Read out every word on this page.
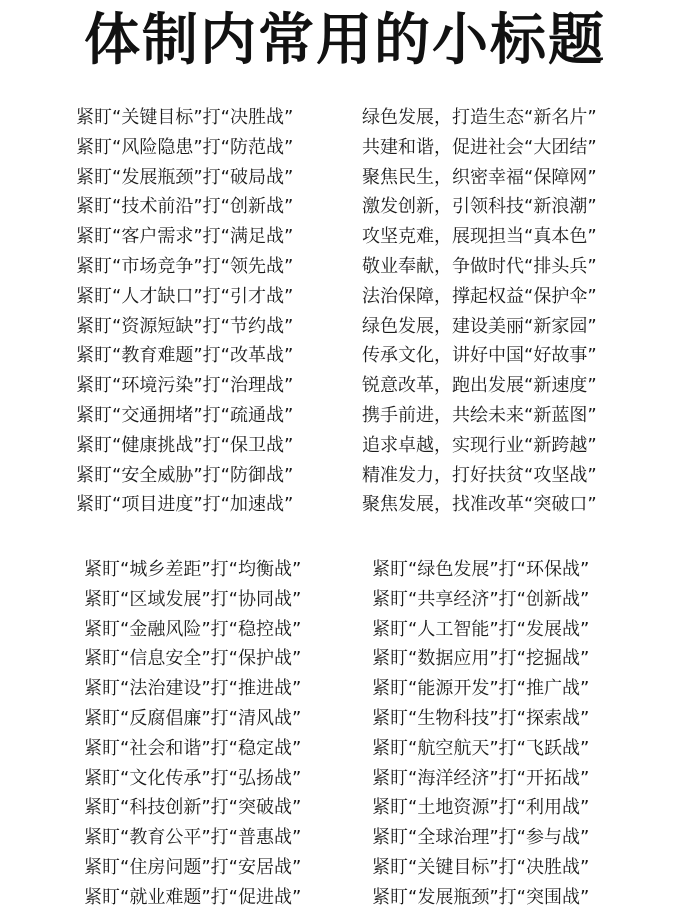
体制内常用的小标题
紧盯“关键目标”打“决胜战”
紧盯“风险隐患”打“防范战”
紧盯“发展瓶颈”打“破局战”
紧盯“技术前沿”打“创新战”
紧盯“客户需求”打“满足战”
紧盯“市场竞争”打“领先战”
紧盯“人才缺口”打“引才战”
紧盯“资源短缺”打“节约战”
紧盯“教育难题”打“改革战”
紧盯“环境污染”打“治理战”
紧盯“交通拥堵”打“疏通战”
紧盯“健康挑战”打“保卫战”
紧盯“安全威胁”打“防御战”
紧盯“项目进度”打“加速战”
绿色发展，打造生态“新名片”
共建和谐，促进社会“大团结”
聚焦民生，织密幸福“保障网”
激发创新，引领科技“新浪潮”
攻坚克难，展现担当“真本色”
敬业奉献，争做时代“排头兵”
法治保障，撑起权益“保护伞”
绿色发展，建设美丽“新家园”
传承文化，讲好中国“好故事”
锐意改革，跑出发展“新速度”
携手前进，共绘未来“新蓝图”
追求卓越，实现行业“新跨越”
精准发力，打好扶贫“攻坚战”
聚焦发展，找准改革“突破口”
紧盯“城乡差距”打“均衡战”
紧盯“区域发展”打“协同战”
紧盯“金融风险”打“稳控战”
紧盯“信息安全”打“保护战”
紧盯“法治建设”打“推进战”
紧盯“反腐倡廉”打“清风战”
紧盯“社会和谐”打“稳定战”
紧盯“文化传承”打“弘扬战”
紧盯“科技创新”打“突破战”
紧盯“教育公平”打“普惠战”
紧盯“住房问题”打“安居战”
紧盯“就业难题”打“促进战”
紧盯“绿色发展”打“环保战”
紧盯“共享经济”打“创新战”
紧盯“人工智能”打“发展战”
紧盯“数据应用”打“挖掘战”
紧盯“能源开发”打“推广战”
紧盯“生物科技”打“探索战”
紧盯“航空航天”打“飞跃战”
紧盯“海洋经济”打“开拓战”
紧盯“土地资源”打“利用战”
紧盯“全球治理”打“参与战”
紧盯“关键目标”打“决胜战”
紧盯“发展瓶颈”打“突围战”
